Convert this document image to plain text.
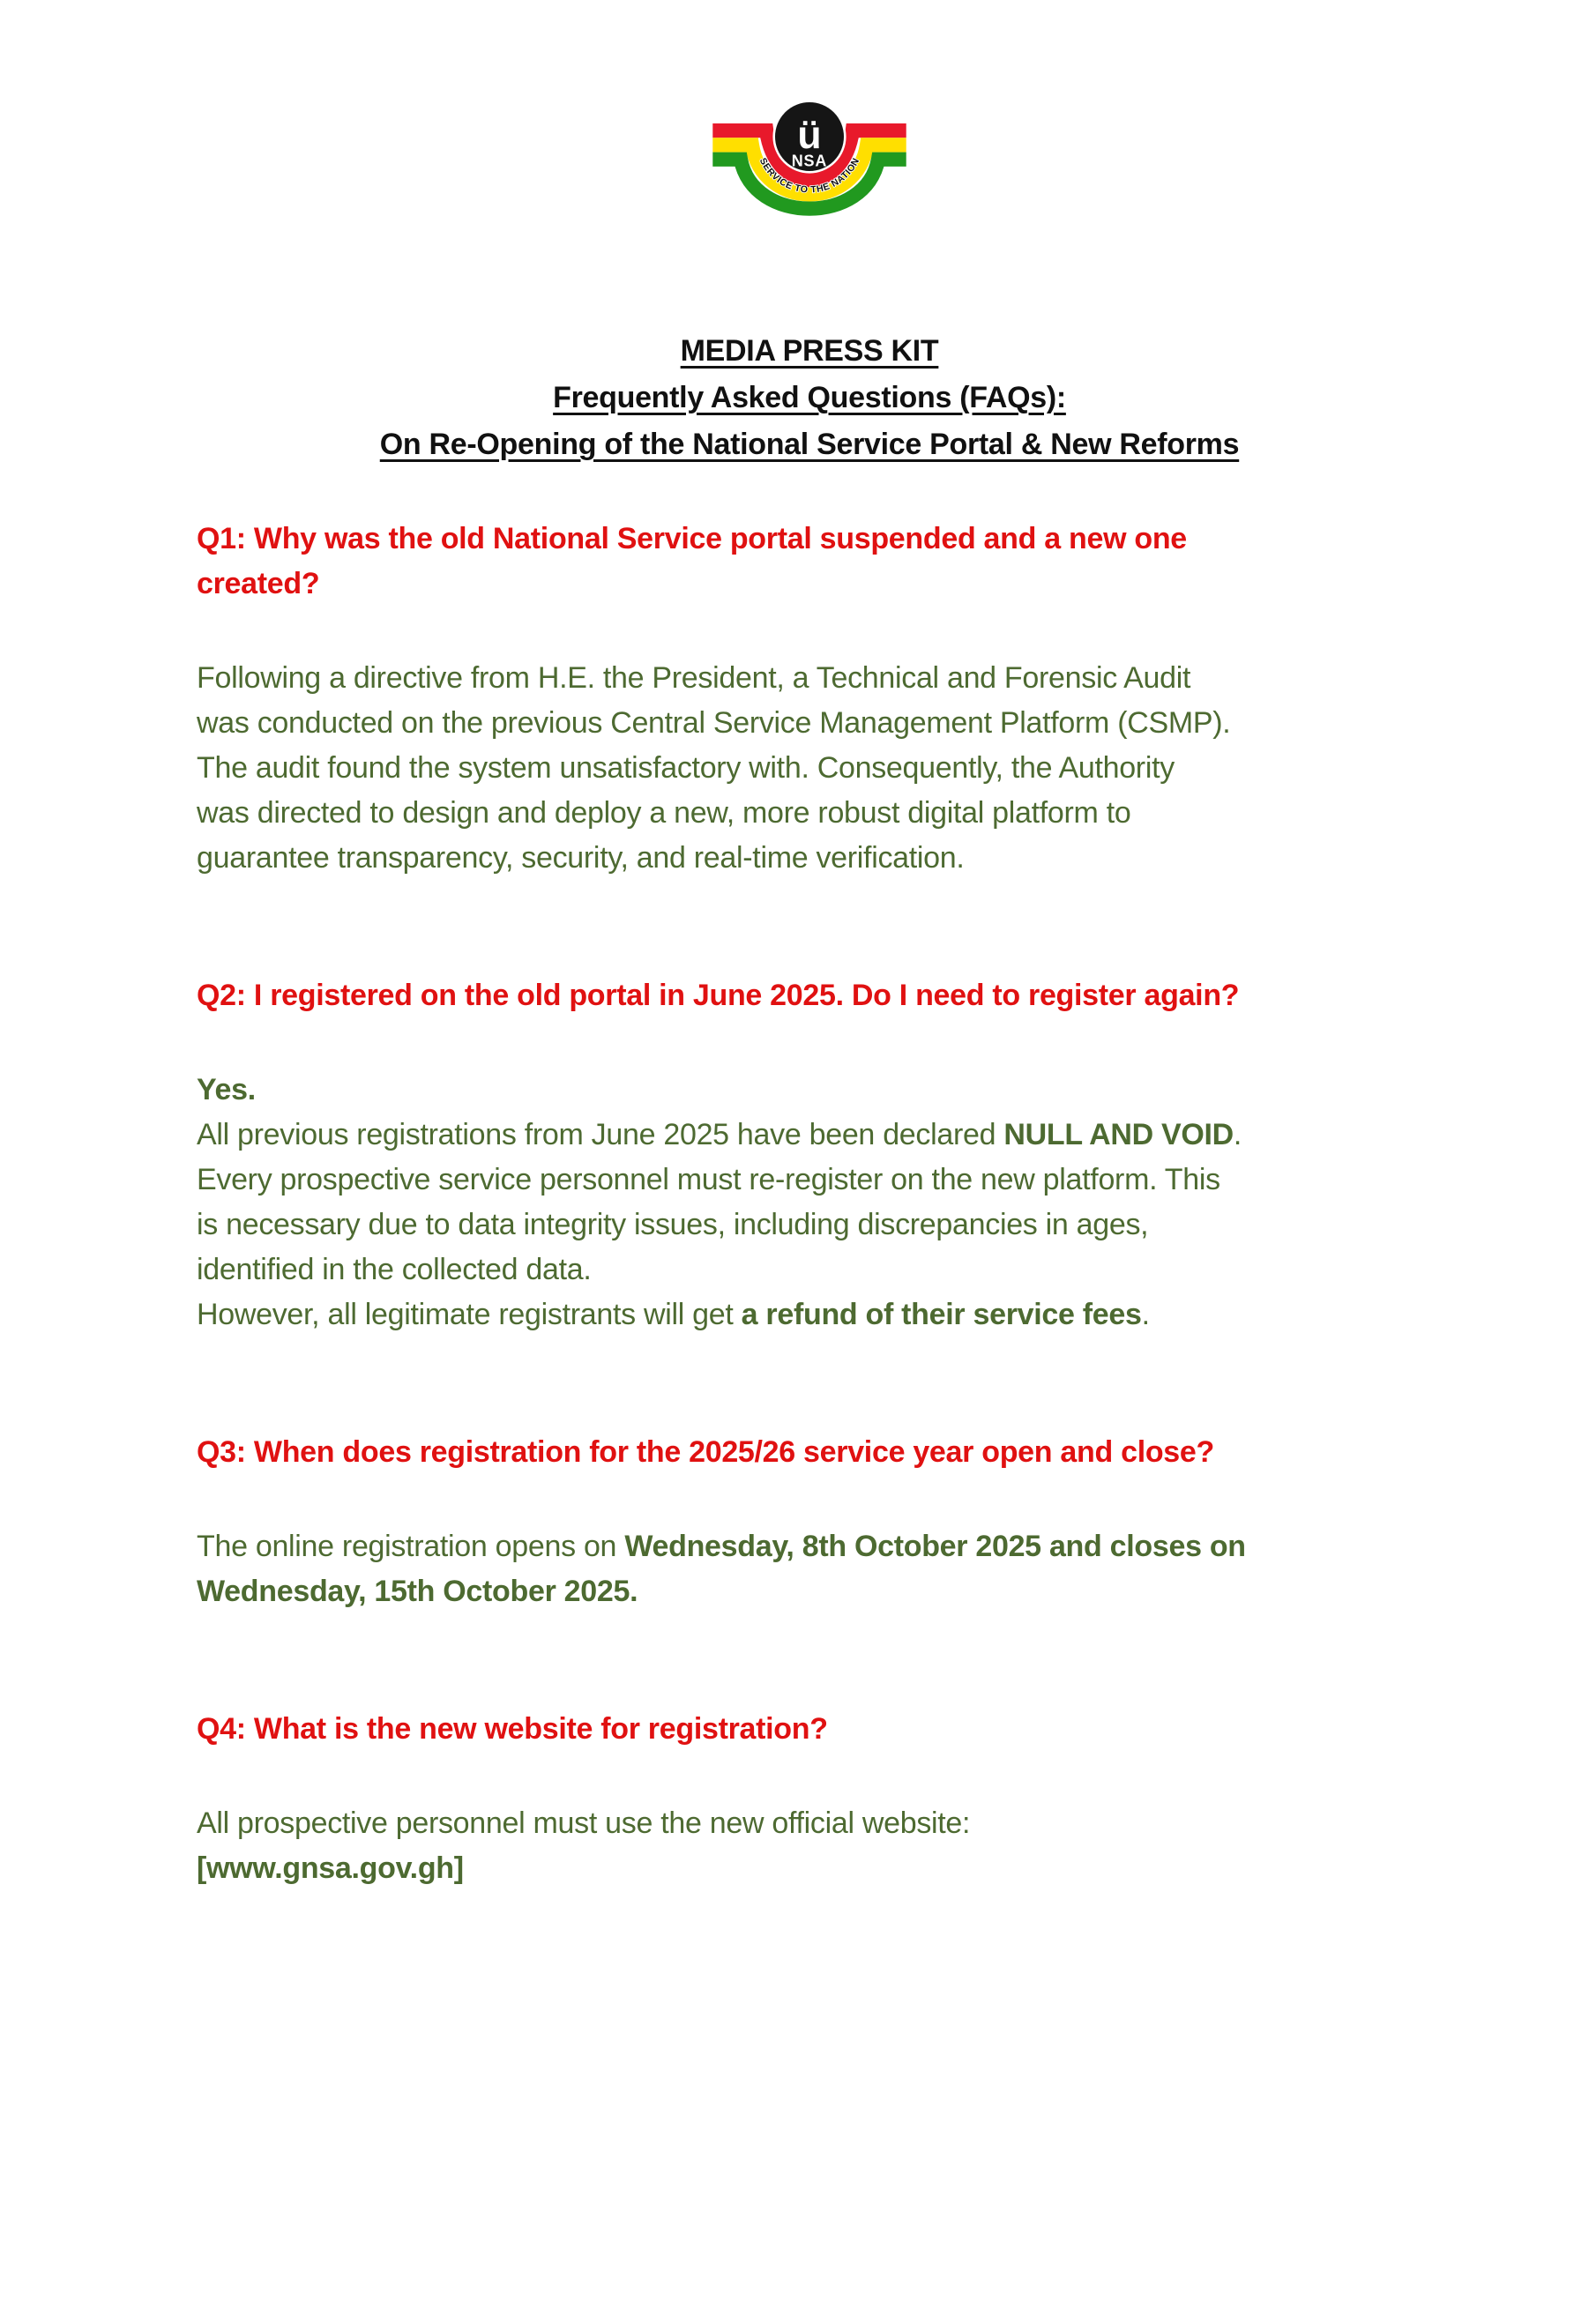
ü
NSA
SERVICE TO THE NATION
MEDIA PRESS KIT
Frequently Asked Questions (FAQs):
On Re-Opening of the National Service Portal & New Reforms
Q1: Why was the old National Service portal suspended and a new one
created?
Following a directive from H.E. the President, a Technical and Forensic Audit
was conducted on the previous Central Service Management Platform (CSMP).
The audit found the system unsatisfactory with. Consequently, the Authority
was directed to design and deploy a new, more robust digital platform to
guarantee transparency, security, and real-time verification.
Q2: I registered on the old portal in June 2025. Do I need to register again?
Yes.
All previous registrations from June 2025 have been declared NULL AND VOID.
Every prospective service personnel must re-register on the new platform. This
is necessary due to data integrity issues, including discrepancies in ages,
identified in the collected data.
However, all legitimate registrants will get a refund of their service fees.
Q3: When does registration for the 2025/26 service year open and close?
The online registration opens on Wednesday, 8th October 2025 and closes on
Wednesday, 15th October 2025.
Q4: What is the new website for registration?
All prospective personnel must use the new official website:
[www.gnsa.gov.gh]
